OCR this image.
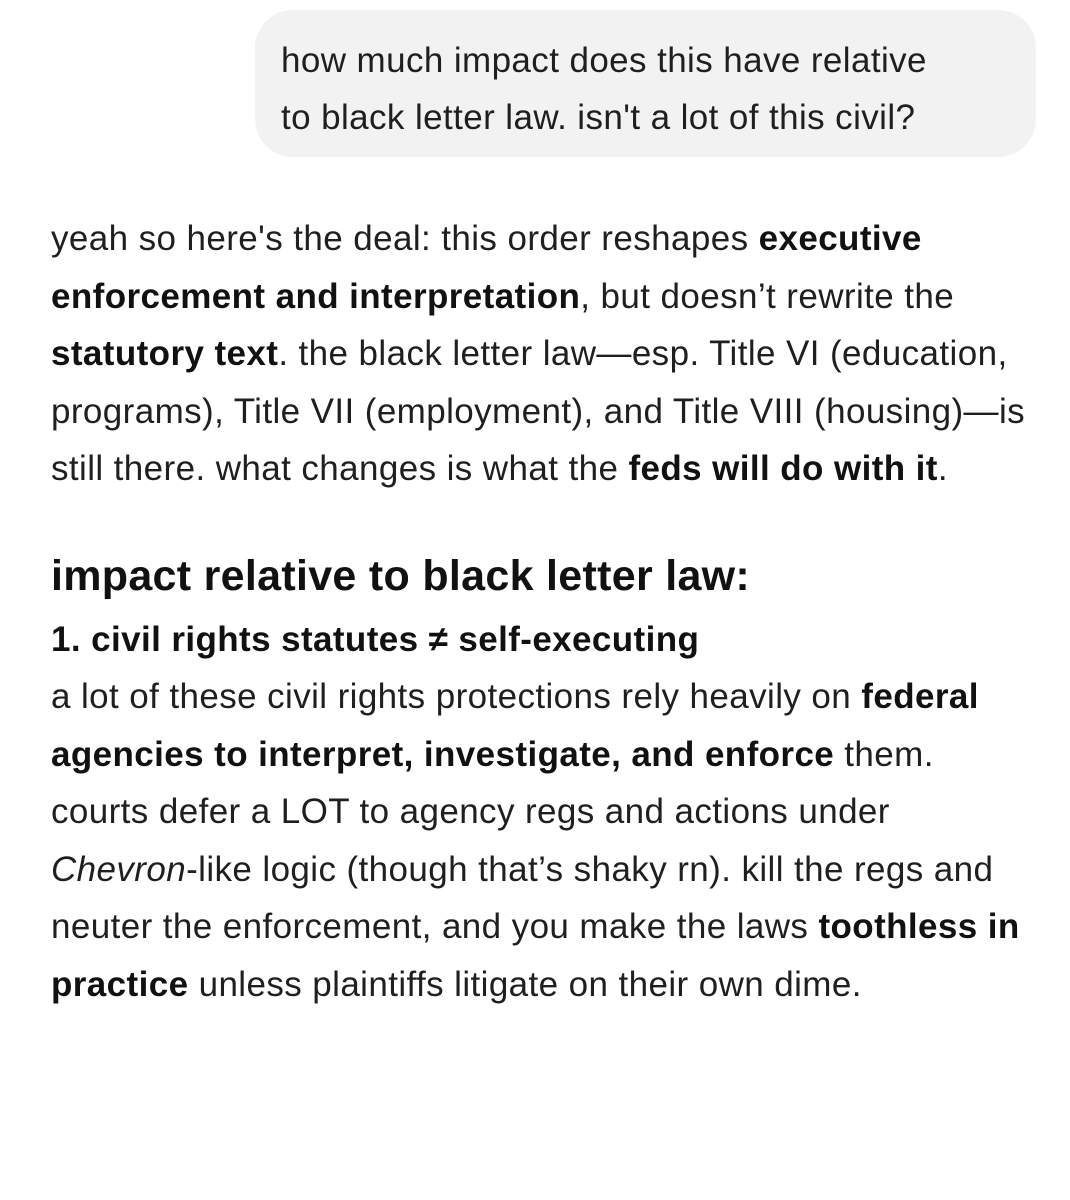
how much impact does this have relative
to black letter law. isn't a lot of this civil?

yeah so here's the deal: this order reshapes executive enforcement and interpretation, but doesn’t rewrite the statutory text. the black letter law—esp. Title VI (education, programs), Title VII (employment), and Title VIII (housing)—is still there. what changes is what the feds will do with it.

impact relative to black letter law:

1. civil rights statutes ≠ self-executing
a lot of these civil rights protections rely heavily on federal agencies to interpret, investigate, and enforce them. courts defer a LOT to agency regs and actions under Chevron-like logic (though that’s shaky rn). kill the regs and neuter the enforcement, and you make the laws toothless in practice unless plaintiffs litigate on their own dime.
